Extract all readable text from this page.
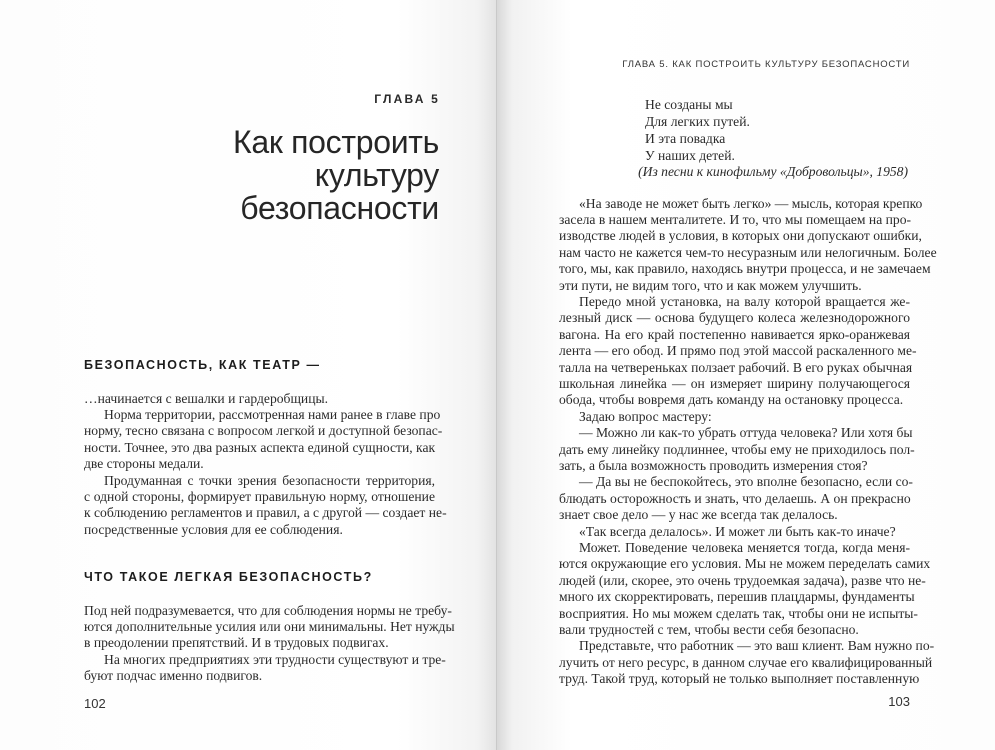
ГЛАВА 5
Как построить
культуру
безопасности
БЕЗОПАСНОСТЬ, КАК ТЕАТР —
ЧТО ТАКОЕ ЛЕГКАЯ БЕЗОПАСНОСТЬ?
…начинается с вешалки и гардеробщицы.
Норма территории, рассмотренная нами ранее в главе про
норму, тесно связана с вопросом легкой и доступной безопас-
ности. Точнее, это два разных аспекта единой сущности, как
две стороны медали.
Продуманная с точки зрения безопасности территория,
с одной стороны, формирует правильную норму, отношение
к соблюдению регламентов и правил, а с другой — создает не-
посредственные условия для ее соблюдения.
Под ней подразумевается, что для соблюдения нормы не требу-
ются дополнительные усилия или они минимальны. Нет нужды
в преодолении препятствий. И в трудовых подвигах.
На многих предприятиях эти трудности существуют и тре-
буют подчас именно подвигов.
102
ГЛАВА 5. КАК ПОСТРОИТЬ КУЛЬТУРУ БЕЗОПАСНОСТИ
Не созданы мы
Для легких путей.
И эта повадка
У наших детей.
(Из песни к кинофильму «Добровольцы», 1958)
«На заводе не может быть легко» — мысль, которая крепко
засела в нашем менталитете. И то, что мы помещаем на про-
изводстве людей в условия, в которых они допускают ошибки,
нам часто не кажется чем-то несуразным или нелогичным. Более
того, мы, как правило, находясь внутри процесса, и не замечаем
эти пути, не видим того, что и как можем улучшить.
Передо мной установка, на валу которой вращается же-
лезный диск — основа будущего колеса железнодорожного
вагона. На его край постепенно навивается ярко-оранжевая
лента — его обод. И прямо под этой массой раскаленного ме-
талла на четвереньках ползает рабочий. В его руках обычная
школьная линейка — он измеряет ширину получающегося
обода, чтобы вовремя дать команду на остановку процесса.
Задаю вопрос мастеру:
— Можно ли как-то убрать оттуда человека? Или хотя бы
дать ему линейку подлиннее, чтобы ему не приходилось пол-
зать, а была возможность проводить измерения стоя?
— Да вы не беспокойтесь, это вполне безопасно, если со-
блюдать осторожность и знать, что делаешь. А он прекрасно
знает свое дело — у нас же всегда так делалось.
«Так всегда делалось». И может ли быть как-то иначе?
Может. Поведение человека меняется тогда, когда меня-
ются окружающие его условия. Мы не можем переделать самих
людей (или, скорее, это очень трудоемкая задача), разве что не-
много их скорректировать, перешив плацдармы, фундаменты
восприятия. Но мы можем сделать так, чтобы они не испыты-
вали трудностей с тем, чтобы вести себя безопасно.
Представьте, что работник — это ваш клиент. Вам нужно по-
лучить от него ресурс, в данном случае его квалифицированный
труд. Такой труд, который не только выполняет поставленную
103
